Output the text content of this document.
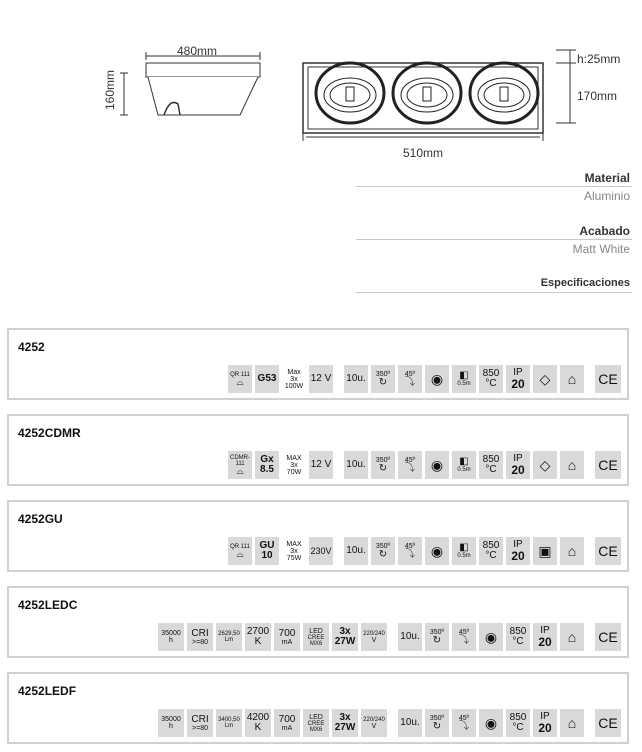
480mm
160mm
h:25mm
170mm
510mm
Material
Aluminio
Acabado
Matt White
Especificaciones
4252
QR 111
⌓ G53
Max
3x
100W
12 V 10u. 350º
↻
45º
⤵ ◉ ◧
0.5m
850
°C
IP
20 ◇ ⌂ CE
4252CDMR
CDMR-111
⌓
Gx 8.5
MAX
3x
70W
12 V 10u. 350º
↻
45º
⤵ ◉ ◧
0.5m
850
°C
IP
20 ◇ ⌂ CE
4252GU
QR 111
⌓
GU 10
MAX
3x
75W
230V 10u. 350º
↻
45º
⤵ ◉ ◧
0.5m
850
°C
IP
20 ▣ ⌂ CE
4252LEDC
35000
h
CRI
>=80
2629,50
Lm
2700
K
700
mA
LED
CREE
MX6
3x
27W
220/240
V 10u. 350º
↻
45º
⤵ ◉ 850
°C
IP
20 ⌂ CE
4252LEDF
35000
h
CRI
>=80
3400,50
Lm
4200
K
700
mA
LED
CREE
MX6
3x
27W
220/240
V 10u. 350º
↻
45º
⤵ ◉ 850
°C
IP
20 ⌂ CE
